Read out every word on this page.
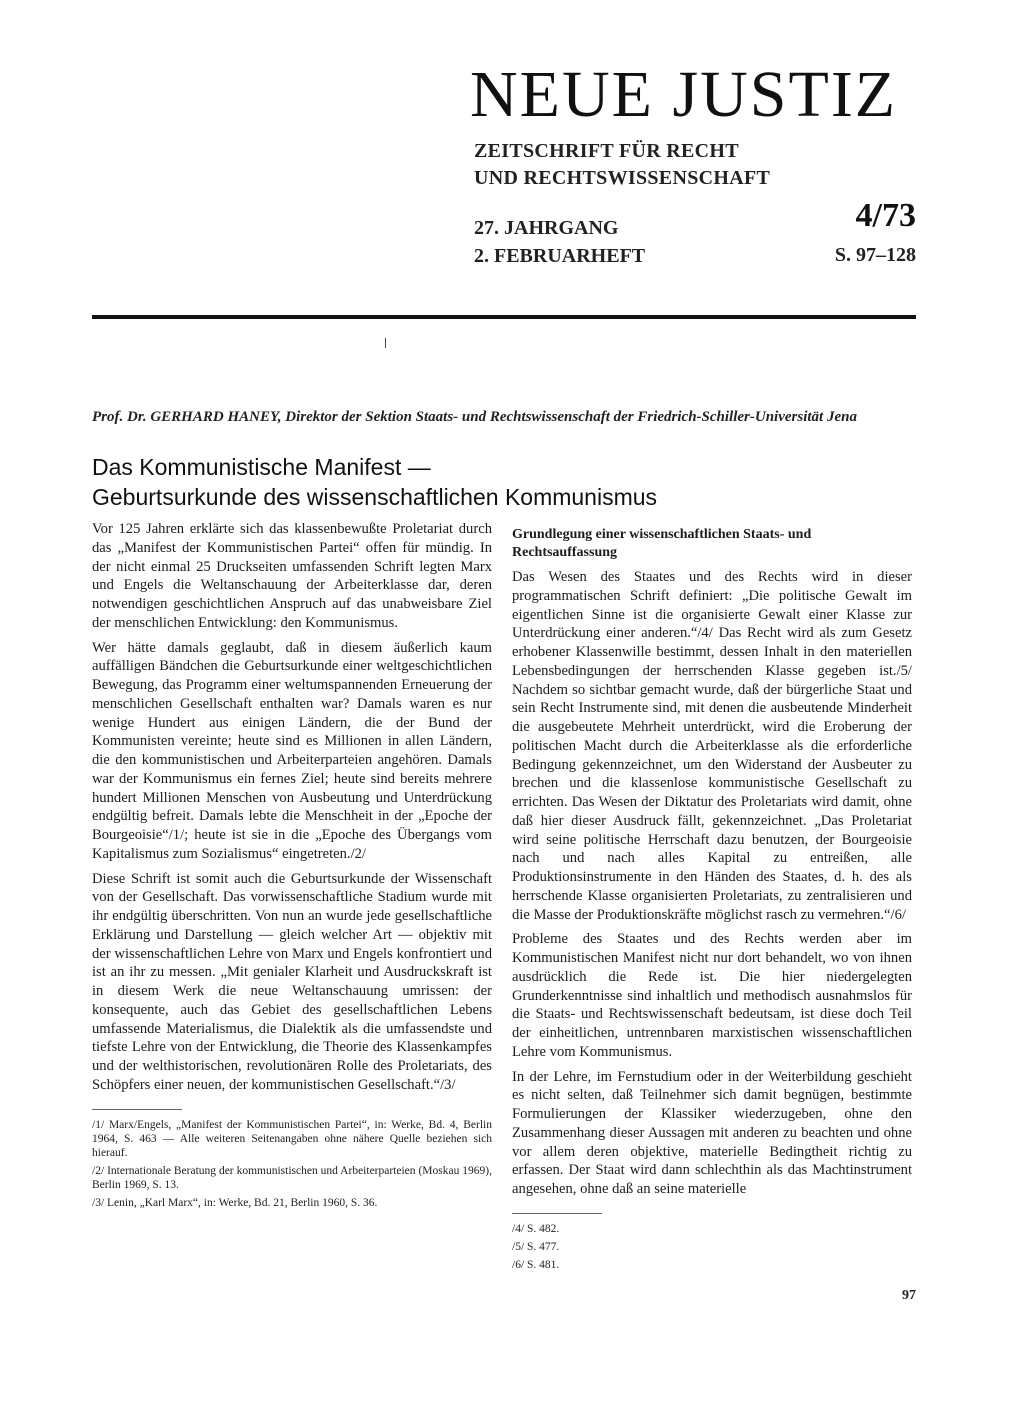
NEUE JUSTIZ
ZEITSCHRIFT FÜR RECHT
UND RECHTSWISSENSCHAFT
27. JAHRGANG
2. FEBRUARHEFT
4/73
S. 97–128
Prof. Dr. GERHARD HANEY, Direktor der Sektion Staats- und Rechtswissenschaft der Friedrich-Schiller-Universität Jena
Das Kommunistische Manifest —
Geburtsurkunde des wissenschaftlichen Kommunismus

Vor 125 Jahren erklärte sich das klassenbewußte Proletariat durch das „Manifest der Kommunistischen Partei“ offen für mündig. In der nicht einmal 25 Druckseiten umfassenden Schrift legten Marx und Engels die Weltanschauung der Arbeiterklasse dar, deren notwendigen geschichtlichen Anspruch auf das unabweisbare Ziel der menschlichen Entwicklung: den Kommunismus.

Wer hätte damals geglaubt, daß in diesem äußerlich kaum auffälligen Bändchen die Geburtsurkunde einer weltgeschichtlichen Bewegung, das Programm einer weltumspannenden Erneuerung der menschlichen Gesellschaft enthalten war? Damals waren es nur wenige Hundert aus einigen Ländern, die der Bund der Kommunisten vereinte; heute sind es Millionen in allen Ländern, die den kommunistischen und Arbeiterparteien angehören. Damals war der Kommunismus ein fernes Ziel; heute sind bereits mehrere hundert Millionen Menschen von Ausbeutung und Unterdrückung endgültig befreit. Damals lebte die Menschheit in der „Epoche der Bourgeoisie“/1/; heute ist sie in die „Epoche des Übergangs vom Kapitalismus zum Sozialismus“ eingetreten./2/

Diese Schrift ist somit auch die Geburtsurkunde der Wissenschaft von der Gesellschaft. Das vorwissenschaftliche Stadium wurde mit ihr endgültig überschritten. Von nun an wurde jede gesellschaftliche Erklärung und Darstellung — gleich welcher Art — objektiv mit der wissenschaftlichen Lehre von Marx und Engels konfrontiert und ist an ihr zu messen. „Mit genialer Klarheit und Ausdruckskraft ist in diesem Werk die neue Weltanschauung umrissen: der konsequente, auch das Gebiet des gesellschaftlichen Lebens umfassende Materialismus, die Dialektik als die umfassendste und tiefste Lehre von der Entwicklung, die Theorie des Klassenkampfes und der welthistorischen, revolutionären Rolle des Proletariats, des Schöpfers einer neuen, der kommunistischen Gesellschaft.“/3/

/1/ Marx/Engels, „Manifest der Kommunistischen Partei“, in: Werke, Bd. 4, Berlin 1964, S. 463 — Alle weiteren Seitenangaben ohne nähere Quelle beziehen sich hierauf.
/2/ Internationale Beratung der kommunistischen und Arbeiterparteien (Moskau 1969), Berlin 1969, S. 13.
/3/ Lenin, „Karl Marx“, in: Werke, Bd. 21, Berlin 1960, S. 36.
Grundlegung einer wissenschaftlichen Staats- und Rechtsauffassung

Das Wesen des Staates und des Rechts wird in dieser programmatischen Schrift definiert: „Die politische Gewalt im eigentlichen Sinne ist die organisierte Gewalt einer Klasse zur Unterdrückung einer anderen.“/4/ Das Recht wird als zum Gesetz erhobener Klassenwille bestimmt, dessen Inhalt in den materiellen Lebensbedingungen der herrschenden Klasse gegeben ist./5/ Nachdem so sichtbar gemacht wurde, daß der bürgerliche Staat und sein Recht Instrumente sind, mit denen die ausbeutende Minderheit die ausgebeutete Mehrheit unterdrückt, wird die Eroberung der politischen Macht durch die Arbeiterklasse als die erforderliche Bedingung gekennzeichnet, um den Widerstand der Ausbeuter zu brechen und die klassenlose kommunistische Gesellschaft zu errichten. Das Wesen der Diktatur des Proletariats wird damit, ohne daß hier dieser Ausdruck fällt, gekennzeichnet. „Das Proletariat wird seine politische Herrschaft dazu benutzen, der Bourgeoisie nach und nach alles Kapital zu entreißen, alle Produktionsinstrumente in den Händen des Staates, d. h. des als herrschende Klasse organisierten Proletariats, zu zentralisieren und die Masse der Produktionskräfte möglichst rasch zu vermehren.“/6/

Probleme des Staates und des Rechts werden aber im Kommunistischen Manifest nicht nur dort behandelt, wo von ihnen ausdrücklich die Rede ist. Die hier niedergelegten Grunderkenntnisse sind inhaltlich und methodisch ausnahmslos für die Staats- und Rechtswissenschaft bedeutsam, ist diese doch Teil der einheitlichen, untrennbaren marxistischen wissenschaftlichen Lehre vom Kommunismus.

In der Lehre, im Fernstudium oder in der Weiterbildung geschieht es nicht selten, daß Teilnehmer sich damit begnügen, bestimmte Formulierungen der Klassiker wiederzugeben, ohne den Zusammenhang dieser Aussagen mit anderen zu beachten und ohne vor allem deren objektive, materielle Bedingtheit richtig zu erfassen. Der Staat wird dann schlechthin als das Machtinstrument angesehen, ohne daß an seine materielle

/4/ S. 482.
/5/ S. 477.
/6/ S. 481.
97
